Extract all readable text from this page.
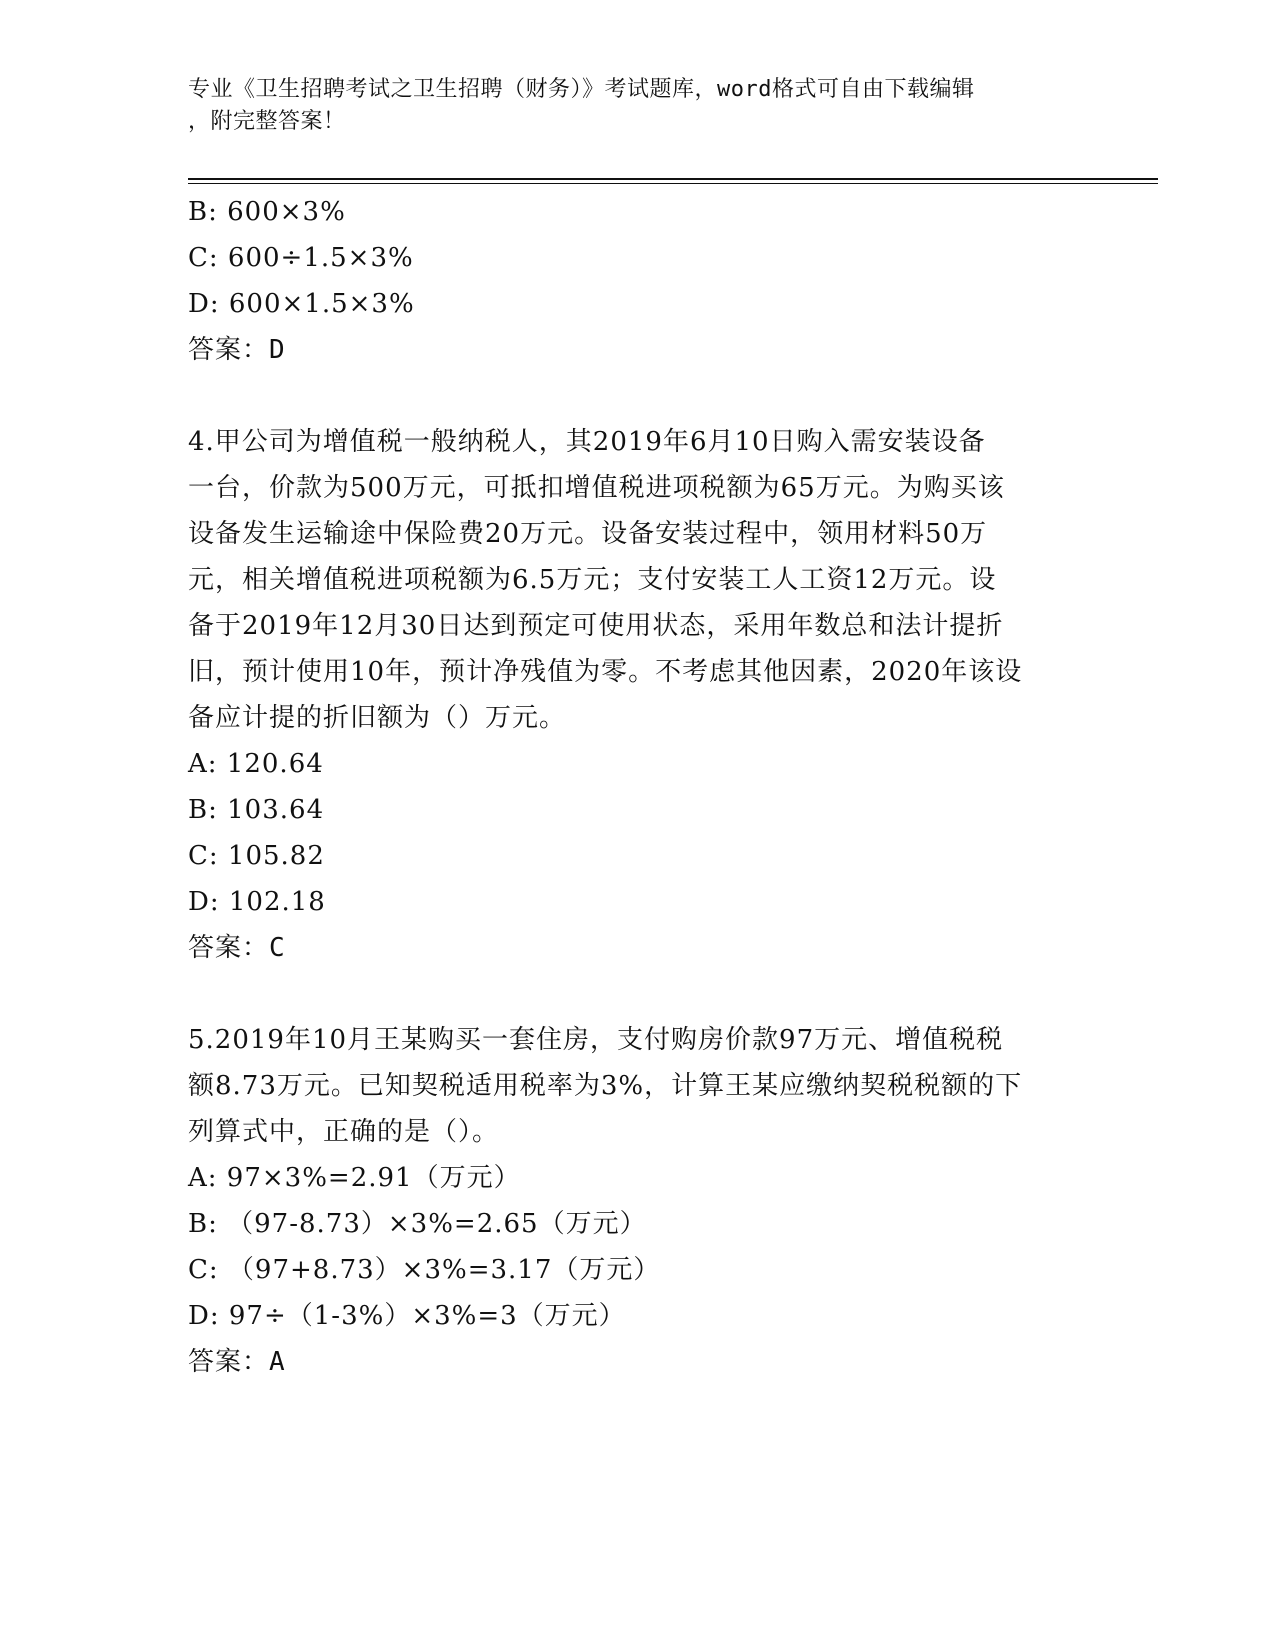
专业《卫生招聘考试之卫生招聘（财务）》考试题库，word格式可自由下载编辑
，附完整答案！
B: 600×3%
C: 600÷1.5×3%
D: 600×1.5×3%
答案：D
4.甲公司为增值税一般纳税人，其2019年6月10日购入需安装设备
一台，价款为500万元，可抵扣增值税进项税额为65万元。为购买该
设备发生运输途中保险费20万元。设备安装过程中，领用材料50万
元，相关增值税进项税额为6.5万元；支付安装工人工资12万元。设
备于2019年12月30日达到预定可使用状态，采用年数总和法计提折
旧，预计使用10年，预计净残值为零。不考虑其他因素，2020年该设
备应计提的折旧额为（）万元。
A: 120.64
B: 103.64
C: 105.82
D: 102.18
答案：C
5.2019年10月王某购买一套住房，支付购房价款97万元、增值税税
额8.73万元。已知契税适用税率为3%，计算王某应缴纳契税税额的下
列算式中，正确的是（）。
A: 97×3%=2.91（万元）
B: （97-8.73）×3%=2.65（万元）
C: （97+8.73）×3%=3.17（万元）
D: 97÷（1-3%）×3%=3（万元）
答案：A
